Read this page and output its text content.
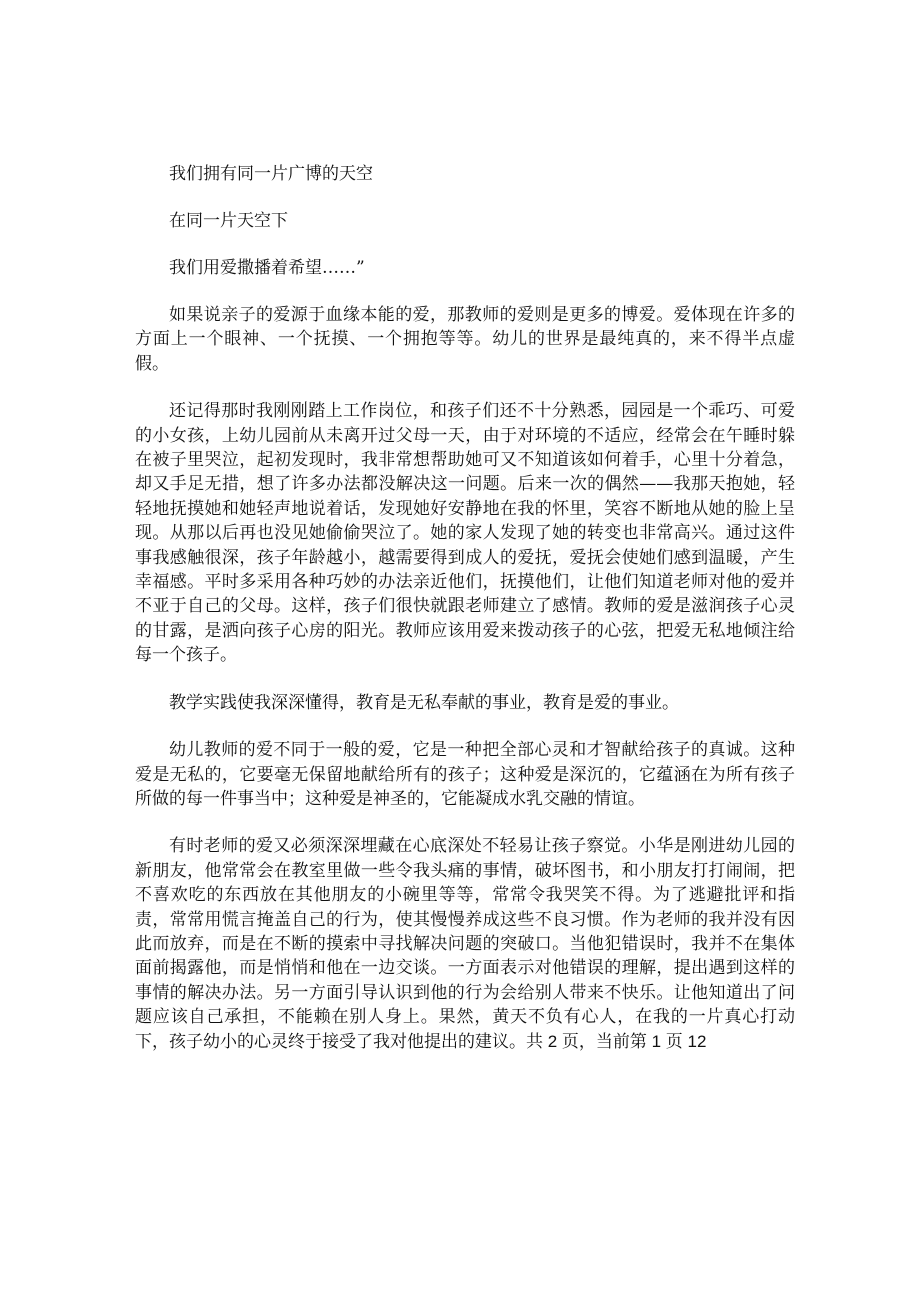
我们拥有同一片广博的天空
在同一片天空下
我们用爱撒播着希望……”

如果说亲子的爱源于血缘本能的爱，那教师的爱则是更多的博爱。爱体现在许多的方面上一个眼神、一个抚摸、一个拥抱等等。幼儿的世界是最纯真的，来不得半点虚假。

还记得那时我刚刚踏上工作岗位，和孩子们还不十分熟悉，园园是一个乖巧、可爱的小女孩，上幼儿园前从未离开过父母一天，由于对环境的不适应，经常会在午睡时躲在被子里哭泣，起初发现时，我非常想帮助她可又不知道该如何着手，心里十分着急，却又手足无措，想了许多办法都没解决这一问题。后来一次的偶然——我那天抱她，轻轻地抚摸她和她轻声地说着话，发现她好安静地在我的怀里，笑容不断地从她的脸上呈现。从那以后再也没见她偷偷哭泣了。她的家人发现了她的转变也非常高兴。通过这件事我感触很深，孩子年龄越小，越需要得到成人的爱抚，爱抚会使她们感到温暖，产生幸福感。平时多采用各种巧妙的办法亲近他们，抚摸他们，让他们知道老师对他的爱并不亚于自己的父母。这样，孩子们很快就跟老师建立了感情。教师的爱是滋润孩子心灵的甘露，是洒向孩子心房的阳光。教师应该用爱来拨动孩子的心弦，把爱无私地倾注给每一个孩子。

教学实践使我深深懂得，教育是无私奉献的事业，教育是爱的事业。

幼儿教师的爱不同于一般的爱，它是一种把全部心灵和才智献给孩子的真诚。这种爱是无私的，它要毫无保留地献给所有的孩子；这种爱是深沉的，它蕴涵在为所有孩子所做的每一件事当中；这种爱是神圣的，它能凝成水乳交融的情谊。

有时老师的爱又必须深深埋藏在心底深处不轻易让孩子察觉。小华是刚进幼儿园的新朋友，他常常会在教室里做一些令我头痛的事情，破坏图书，和小朋友打打闹闹，把不喜欢吃的东西放在其他朋友的小碗里等等，常常令我哭笑不得。为了逃避批评和指责，常常用慌言掩盖自己的行为，使其慢慢养成这些不良习惯。作为老师的我并没有因此而放弃，而是在不断的摸索中寻找解决问题的突破口。当他犯错误时，我并不在集体面前揭露他，而是悄悄和他在一边交谈。一方面表示对他错误的理解，提出遇到这样的事情的解决办法。另一方面引导认识到他的行为会给别人带来不快乐。让他知道出了问题应该自己承担，不能赖在别人身上。果然，黄天不负有心人，在我的一片真心打动下，孩子幼小的心灵终于接受了我对他提出的建议。共 2 页，当前第 1 页 12
